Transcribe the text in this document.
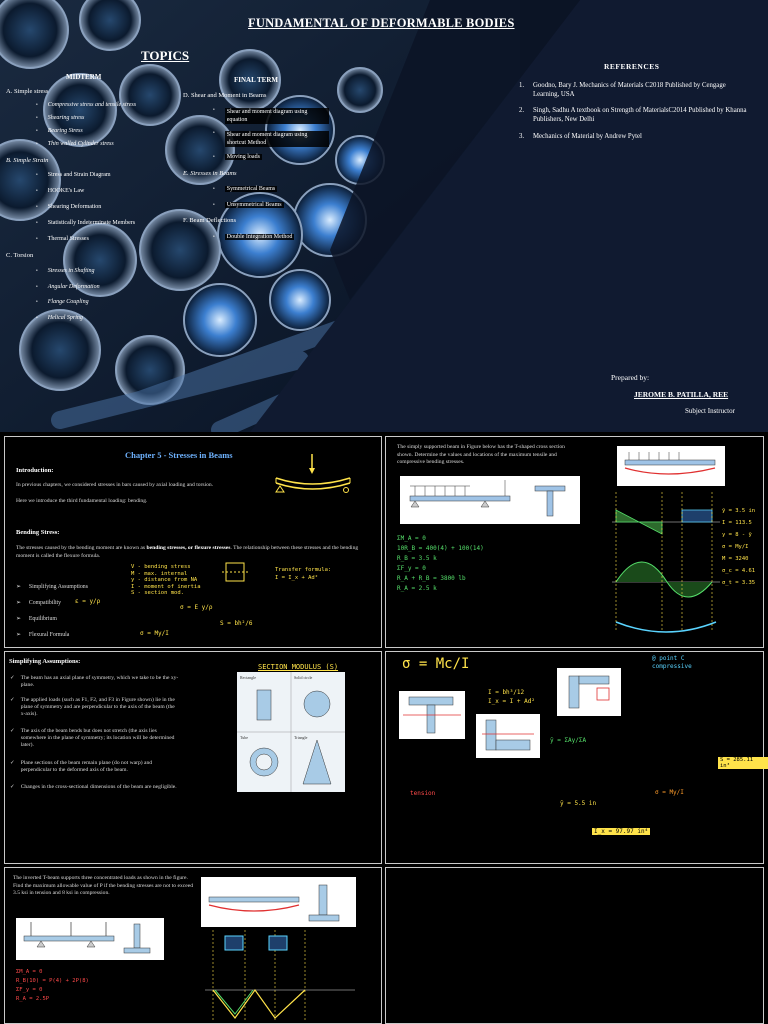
FUNDAMENTAL OF DEFORMABLE BODIES
TOPICS
MIDTERM
A. Simple stress
• Compressive stress and tensile stress
• Shearing stress
• Bearing Stress
• Thin walled Cylinder stress
B. Simple Strain
• Stress and Strain Diagram
• HOOKE's Law
• Shearing Deformation
• Statistically Indeterminate Members
• Thermal Stresses
C. Torsion
• Stresses in Shafting
• Angular Deformation
• Flange Coupling
• Helical Spring
FINAL TERM
D. Shear and Moment in Beams
•	Shear and moment diagram using equation
•	Shear and moment diagram using shortcut Method
•	Moving loads
E. Stresses in Beams
•	Symmetrical Beams
•	Unsymmetrical Beams
F. Beam Deflections
•	Double Integration Method
REFERENCES
1.	Goodno, Bary J. Mechanics of Materials C2018 Published by Cengage Learning, USA
2.	Singh, Sadhu A textbook on Strength of MaterialsC2014 Published by Khanna Publishers, New Delhi
3.	Mechanics of Material by Andrew Pytel
Prepared by:
JEROME B. PATILLA, REE
Subject Instructor
Chapter 5 - Stresses in Beams
Introduction:
In previous chapters, we considered stresses in bars caused by axial loading and torsion.
Here we introduce the third fundamental loading: bending.
Bending Stress:
The stresses caused by the bending moment are known as bending stresses, or flexure stresses. The relationship between these stresses and the bending moment is called the flexure formula.
➢ Simplifying Assumptions
➢ Compatibility
➢ Equilibrium
➢ Flexural Formula
V - bending stress
M - max. internal
y - distance from NA
I - moment of inertia
S - section mod.
Transfer formula:
I = I_x + Ad²
ε = y/ρ
σ = E y/ρ
S = bh²/6
σ = My/I
The simply supported beam in Figure below has the T-shaped cross section shown. Determine the values and locations of the maximum tensile and compressive bending stresses.
ΣM_A = 0
10R_B = 400(4) + 100(14)
R_B = 3.5 k
ΣF_y = 0
R_A + R_B = 3800 lb
R_A = 2.5 k
ȳ = 3.5 in
I = 113.5
y = 8 - ȳ
σ = My/I
M = 3240
σ_c = 4.61
σ_t = 3.35
Simplifying Assumptions:
✓ The beam has an axial plane of symmetry, which we take to be the xy-plane.
✓ The applied loads (such as F1, F2, and F3 in Figure shown) lie in the plane of symmetry and are perpendicular to the axis of the beam (the x-axis).
✓ The axis of the beam bends but does not stretch (the axis lies somewhere in the plane of symmetry; its location will be determined later).
✓ Plane sections of the beam remain plane (do not warp) and perpendicular to the deformed axis of the beam.
✓ Changes in the cross-sectional dimensions of the beam are negligible.
SECTION MODULUS (S)
Rectangle	Solid circle
Tube	Triangle
σ = Mc/I
I = bh³/12
I_x = I + Ad²
ȳ = ΣAy/ΣA
@ point C
compressive
tension
I_x = 97.97 in⁴
σ = My/I
S = 285.11 in³
ȳ = 5.5 in
The inverted T-beam supports three concentrated loads as shown in the figure. Find the maximum allowable value of P if the bending stresses are not to exceed 3.5 ksi in tension and 8 ksi in compression.
ΣM_A = 0
R_B(10) = P(4) + 2P(8)
ΣF_y = 0
R_A = 2.5P
